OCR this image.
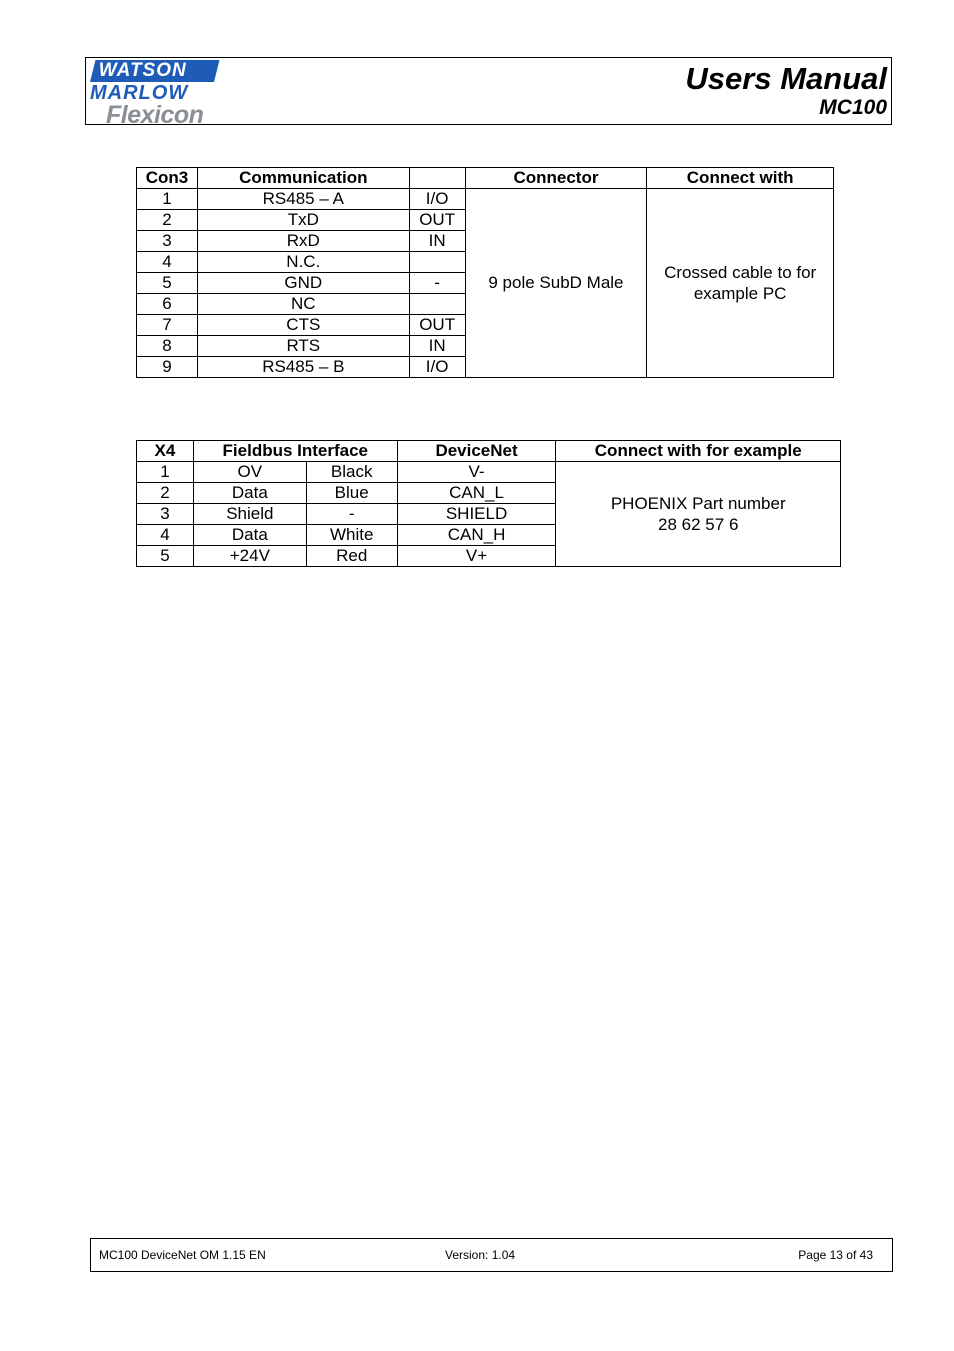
WATSON
MARLOW
Flexicon
Users Manual
MC100
Con3	Communication		Connector	Connect with
1	RS485 – A	I/O	9 pole SubD Male	Crossed cable to for example PC
2	TxD	OUT		
3	RxD	IN		
4	N.C.			
5	GND	-		
6	NC			
7	CTS	OUT		
8	RTS	IN		
9	RS485 – B	I/O		
X4	Fieldbus Interface		DeviceNet	Connect with for example
1	OV	Black	V-	PHOENIX Part number
28 62 57 6

2	Data	Blue	CAN_L	
3	Shield	-	SHIELD	
4	Data	White	CAN_H	
5	+24V	Red	V+	
MC100 DeviceNet OM 1.15 EN	Version: 1.04	Page 13 of 43
